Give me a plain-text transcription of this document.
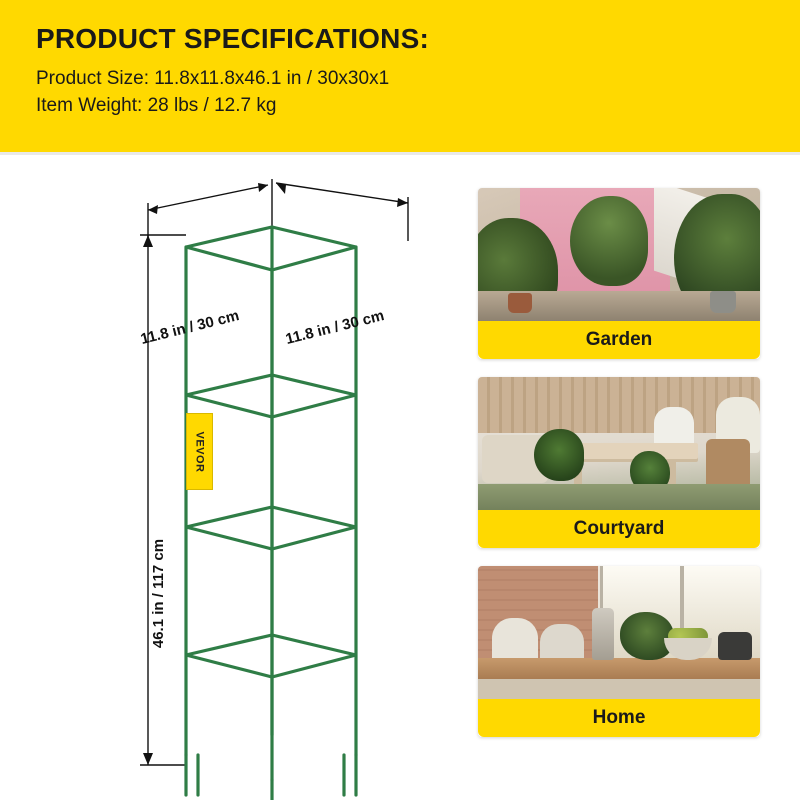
PRODUCT SPECIFICATIONS:
Product Size: 11.8x11.8x46.1 in / 30x30x1
Item Weight: 28 lbs / 12.7 kg
11.8 in / 30 cm	11.8 in / 30 cm
46.1 in / 117 cm
VEVOR
Garden
Courtyard
Home
